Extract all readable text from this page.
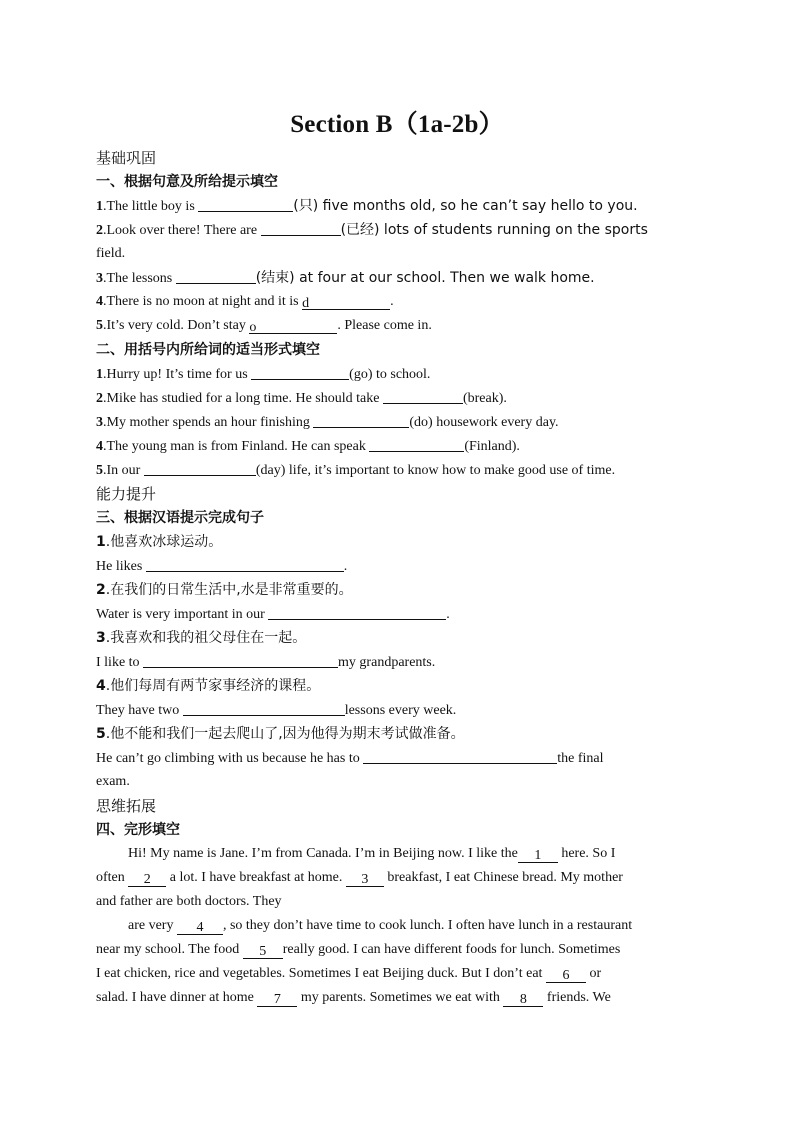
Section B（1a-2b）
基础巩固
一、根据句意及所给提示填空
1.The little boy is	(只) five months old, so he can’t say hello to you.
2.Look over there! There are	(已经) lots of students running on the sports
field.
3.The lessons	(结束) at four at our school. Then we walk home.
4.There is no moon at night and it is d	.
5.It’s very cold. Don’t stay o	. Please come in.
二、用括号内所给词的适当形式填空
1.Hurry up! It’s time for us	(go) to school.
2.Mike has studied for a long time. He should take	(break).
3.My mother spends an hour finishing	(do) housework every day.
4.The young man is from Finland. He can speak	(Finland).
5.In our	(day) life, it’s important to know how to make good use of time.
能力提升
三、根据汉语提示完成句子
1.他喜欢冰球运动。
He likes	.
2.在我们的日常生活中,水是非常重要的。
Water is very important in our	.
3.我喜欢和我的祖父母住在一起。
I like to	my grandparents.
4.他们每周有两节家事经济的课程。
They have two	lessons every week.
5.他不能和我们一起去爬山了,因为他得为期末考试做准备。
He can’t go climbing with us because he has to	the final
exam.
思维拓展
四、完形填空
Hi! My name is Jane. I’m from Canada. I’m in Beijing now. I like the 1 here. So I
often 2 a lot. I have breakfast at home. 3 breakfast, I eat Chinese bread. My mother
and father are both doctors. They
are very 4 , so they don’t have time to cook lunch. I often have lunch in a restaurant
near my school. The food 5 really good. I can have different foods for lunch. Sometimes
I eat chicken, rice and vegetables. Sometimes I eat Beijing duck. But I don’t eat 6 or
salad. I have dinner at home 7 my parents. Sometimes we eat with 8 friends. We
